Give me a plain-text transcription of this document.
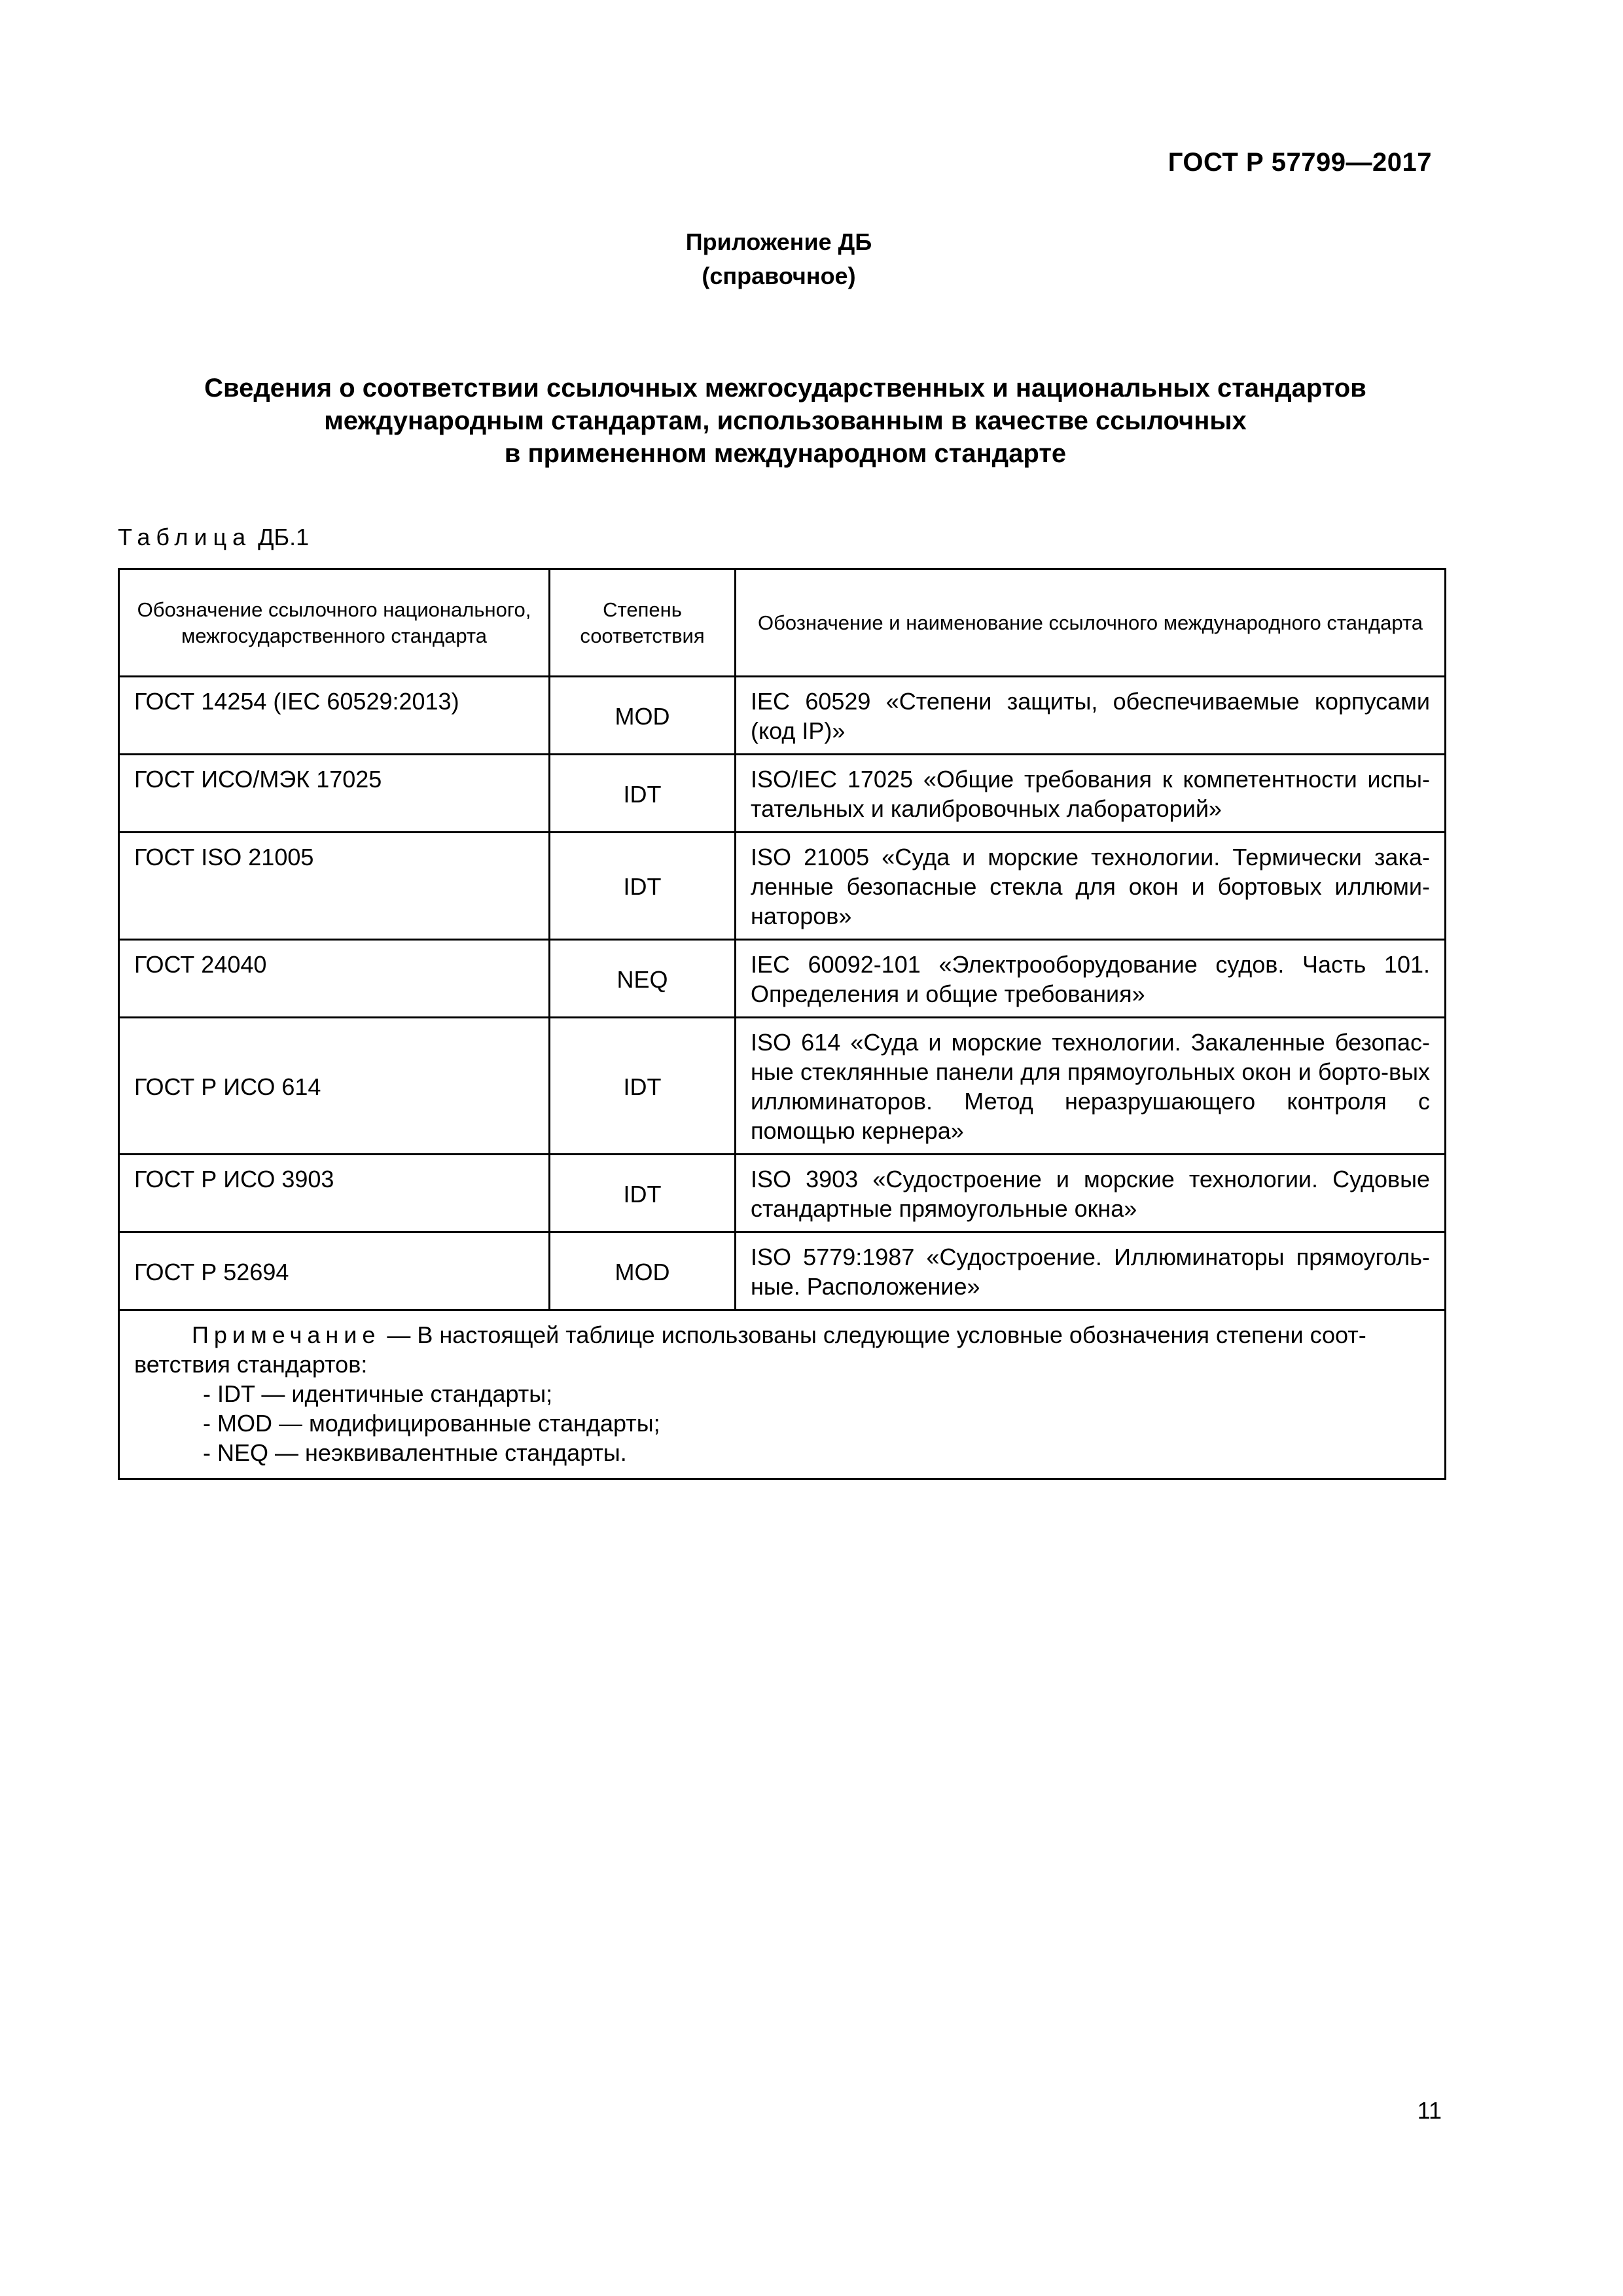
ГОСТ Р 57799—2017
Приложение ДБ
(справочное)
Сведения о соответствии ссылочных межгосударственных и национальных стандартов
международным стандартам, использованным в качестве ссылочных
в примененном международном стандарте
Таблица ДБ.1
Обозначение ссылочного национального, межгосударственного стандарта	Степень соответствия	Обозначение и наименование ссылочного международного стандарта
ГОСТ 14254 (IEC 60529:2013)	MOD	IEC 60529 «Степени защиты, обеспечиваемые корпусами (код IP)»
ГОСТ ИСО/МЭК 17025	IDT	ISO/IEC 17025 «Общие требования к компетентности испы-тательных и калибровочных лабораторий»
ГОСТ ISO 21005	IDT	ISO 21005 «Суда и морские технологии. Термически зака-ленные безопасные стекла для окон и бортовых иллюми-наторов»
ГОСТ 24040	NEQ	IEC 60092-101 «Электрооборудование судов. Часть 101. Определения и общие требования»
ГОСТ Р ИСО 614	IDT	ISO 614 «Суда и морские технологии. Закаленные безопас-ные стеклянные панели для прямоугольных окон и борто-вых иллюминаторов. Метод неразрушающего контроля с помощью кернера»
ГОСТ Р ИСО 3903	IDT	ISO 3903 «Судостроение и морские технологии. Судовые стандартные прямоугольные окна»
ГОСТ Р 52694	MOD	ISO 5779:1987 «Судостроение. Иллюминаторы прямоуголь-ные. Расположение»

Примечание — В настоящей таблице использованы следующие условные обозначения степени соот-ветствия стандартов:
- IDT — идентичные стандарты;
- MOD — модифицированные стандарты;
- NEQ — неэквивалентные стандарты.		
11
